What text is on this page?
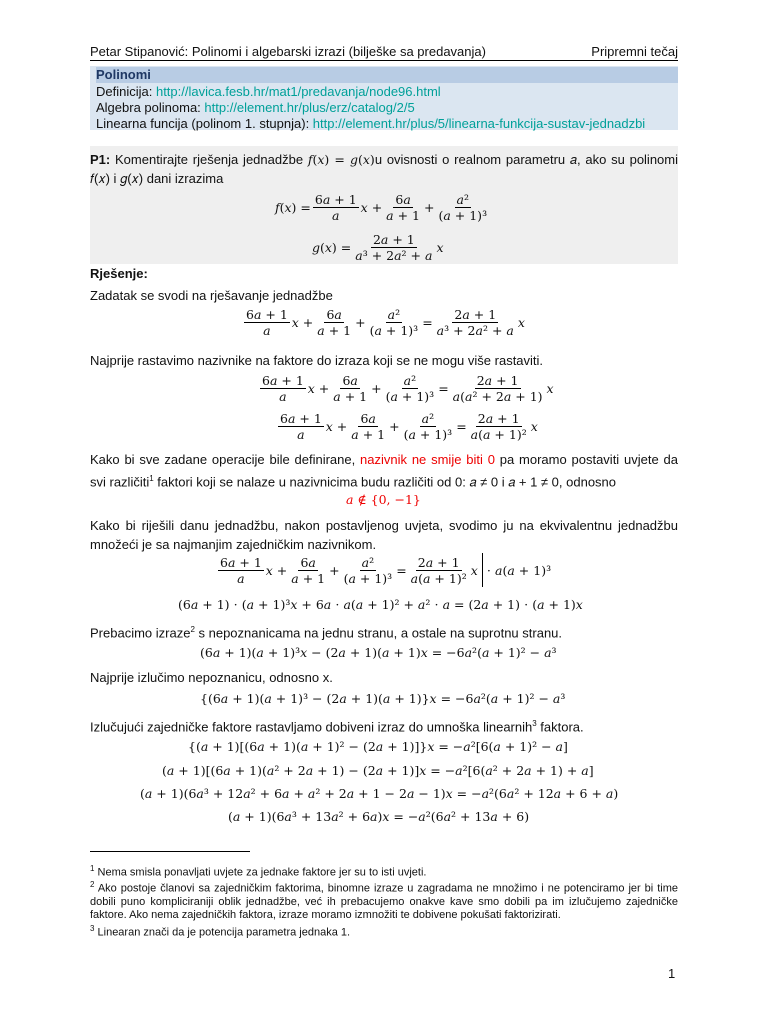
Petar Stipanović: Polinomi i algebarski izrazi (bilješke sa predavanja)	Pripremni tečaj
Polinomi
Definicija: http://lavica.fesb.hr/mat1/predavanja/node96.html
Algebra polinoma: http://element.hr/plus/erz/catalog/2/5
Linearna funcija (polinom 1. stupnja): http://element.hr/plus/5/linearna-funkcija-sustav-jednadzbi
P1: Komentirajte rješenja jednadžbe 𝑓(𝑥) = 𝑔(𝑥)u ovisnosti o realnom parametru 𝑎, ako su polinomi 𝑓(𝑥) i 𝑔(𝑥) dani izrazima
𝑓(𝑥) = $\frac{\text{6𝑎 + 1}}{\text{𝑎}}$ 𝑥 + $\frac{\text{6𝑎}}{\text{𝑎 + 1}} + \frac{\text{𝑎²}}{\text{(𝑎 + 1)³}}$
𝑔(𝑥) = $\frac{\text{2𝑎 + 1}}{\text{𝑎³ + 2𝑎² + 𝑎}}$ 𝑥
Rješenje:
Zadatak se svodi na rješavanje jednadžbe
$\frac{\text{6𝑎 + 1}}{\text{𝑎}}$ 𝑥 + $\frac{\text{6𝑎}}{\text{𝑎 + 1}} + \frac{\text{𝑎²}}{\text{(𝑎 + 1)³}} = \frac{\text{2𝑎 + 1}}{\text{𝑎³ + 2𝑎² + 𝑎}}$ 𝑥
Najprije rastavimo nazivnike na faktore do izraza koji se ne mogu više rastaviti.
$\frac{\text{6𝑎 + 1}}{\text{𝑎}}$ 𝑥 + $\frac{\text{6𝑎}}{\text{𝑎 + 1}} + \frac{\text{𝑎²}}{\text{(𝑎 + 1)³}} = \frac{\text{2𝑎 + 1}}{\text{𝑎(𝑎² + 2𝑎 + 1)}}$ 𝑥
$\frac{\text{6𝑎 + 1}}{\text{𝑎}}$ 𝑥 + $\frac{\text{6𝑎}}{\text{𝑎 + 1}} + \frac{\text{𝑎²}}{\text{(𝑎 + 1)³}} = \frac{\text{2𝑎 + 1}}{\text{𝑎(𝑎 + 1)²}}$ 𝑥
Kako bi sve zadane operacije bile definirane, nazivnik ne smije biti 0 pa moramo postaviti uvjete da svi različiti$^1$ faktori koji se nalaze u nazivnicima budu različiti od 0: 𝑎 ≠ 0 i 𝑎 + 1 ≠ 0, odnosno
𝑎 ∉ {0, −1}
Kako bi riješili danu jednadžbu, nakon postavljenog uvjeta, svodimo ju na ekvivalentnu jednadžbu množeći je sa najmanjim zajedničkim nazivnikom.
$\frac{\text{6𝑎 + 1}}{\text{𝑎}}$ 𝑥 + $\frac{\text{6𝑎}}{\text{𝑎 + 1}} + \frac{\text{𝑎²}}{\text{(𝑎 + 1)³}} = \frac{\text{2𝑎 + 1}}{\text{𝑎(𝑎 + 1)²}}$ 𝑥 ⋅ 𝑎(𝑎 + 1)³
(6𝑎 + 1) ⋅ (𝑎 + 1)³𝑥 + 6𝑎 ⋅ 𝑎(𝑎 + 1)² + 𝑎² ⋅ 𝑎 = (2𝑎 + 1) ⋅ (𝑎 + 1)𝑥
Prebacimo izraze$^2$ s nepoznanicama na jednu stranu, a ostale na suprotnu stranu.
(6𝑎 + 1)(𝑎 + 1)³𝑥 − (2𝑎 + 1)(𝑎 + 1)𝑥 = −6𝑎²(𝑎 + 1)² − 𝑎³
Najprije izlučimo nepoznanicu, odnosno x.
{(6𝑎 + 1)(𝑎 + 1)³ − (2𝑎 + 1)(𝑎 + 1)}𝑥 = −6𝑎²(𝑎 + 1)² − 𝑎³
Izlučujući zajedničke faktore rastavljamo dobiveni izraz do umnoška linearnih$^3$ faktora.
{(𝑎 + 1)[(6𝑎 + 1)(𝑎 + 1)² − (2𝑎 + 1)]}𝑥 = −𝑎²[6(𝑎 + 1)² − 𝑎]
(𝑎 + 1)[(6𝑎 + 1)(𝑎² + 2𝑎 + 1) − (2𝑎 + 1)]𝑥 = −𝑎²[6(𝑎² + 2𝑎 + 1) + 𝑎]
(𝑎 + 1)(6𝑎³ + 12𝑎² + 6𝑎 + 𝑎² + 2𝑎 + 1 − 2𝑎 − 1)𝑥 = −𝑎²(6𝑎² + 12𝑎 + 6 + 𝑎)
(𝑎 + 1)(6𝑎³ + 13𝑎² + 6𝑎)𝑥 = −𝑎²(6𝑎² + 13𝑎 + 6)
$^1$ Nema smisla ponavljati uvjete za jednake faktore jer su to isti uvjeti.
$^2$ Ako postoje članovi sa zajedničkim faktorima, binomne izraze u zagradama ne množimo i ne potenciramo jer bi time dobili puno kompliciraniji oblik jednadžbe, već ih prebacujemo onakve kave smo dobili pa im izlučujemo zajedničke faktore. Ako nema zajedničkih faktora, izraze moramo izmnožiti te dobivene pokušati faktorizirati.
$^3$ Linearan znači da je potencija parametra jednaka 1.
1
